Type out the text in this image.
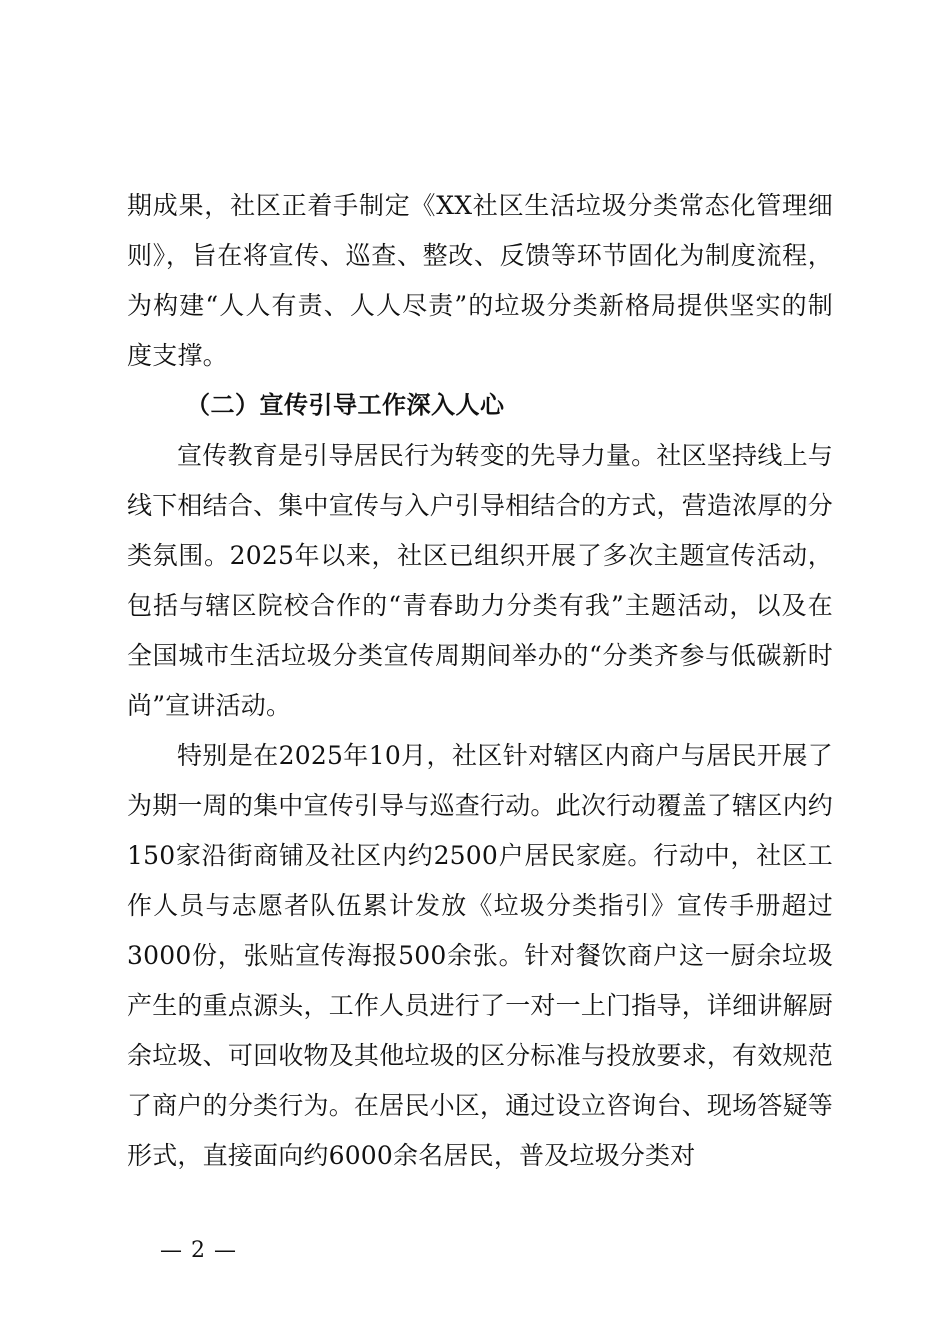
期成果，社区正着手制定《XX社区生活垃圾分类常态化管理细则》，旨在将宣传、巡查、整改、反馈等环节固化为制度流程，为构建“人人有责、人人尽责”的垃圾分类新格局提供坚实的制度支撑。

（二）宣传引导工作深入人心

宣传教育是引导居民行为转变的先导力量。社区坚持线上与线下相结合、集中宣传与入户引导相结合的方式，营造浓厚的分类氛围。2025年以来，社区已组织开展了多次主题宣传活动，包括与辖区院校合作的“青春助力分类有我”主题活动，以及在全国城市生活垃圾分类宣传周期间举办的“分类齐参与低碳新时尚”宣讲活动。

特别是在2025年10月，社区针对辖区内商户与居民开展了为期一周的集中宣传引导与巡查行动。此次行动覆盖了辖区内约150家沿街商铺及社区内约2500户居民家庭。行动中，社区工作人员与志愿者队伍累计发放《垃圾分类指引》宣传手册超过3000份，张贴宣传海报500余张。针对餐饮商户这一厨余垃圾产生的重点源头，工作人员进行了一对一上门指导，详细讲解厨余垃圾、可回收物及其他垃圾的区分标准与投放要求，有效规范了商户的分类行为。在居民小区，通过设立咨询台、现场答疑等形式，直接面向约6000余名居民，普及垃圾分类对

— 2 —
